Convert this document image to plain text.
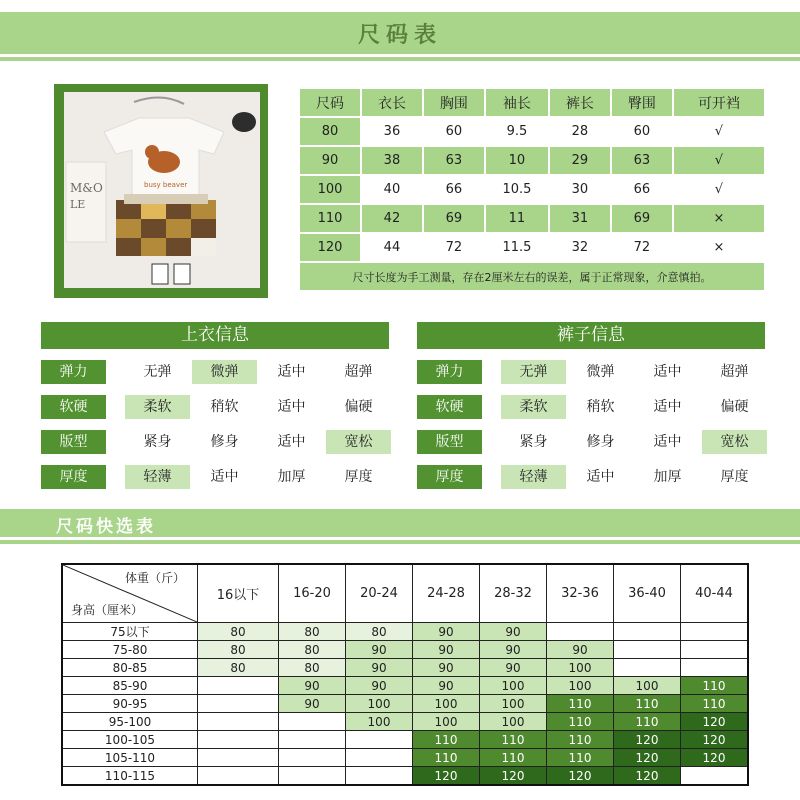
尺码表
M&O
LE
busy beaver
尺码	衣长	胸围	袖长	裤长	臀围	可开裆
80	36	60	9.5	28	60	√
90	38	63	10	29	63	√
100	40	66	10.5	30	66	√
110	42	69	11	31	69	×
120	44	72	11.5	32	72	×
尺寸长度为手工测量，存在2厘米左右的误差，属于正常现象，介意慎拍。						
上衣信息	裤子信息
弹力	无弹	微弹	适中	超弹
软硬	柔软	稍软	适中	偏硬
版型	紧身	修身	适中	宽松
厚度	轻薄	适中	加厚	厚度
弹力	无弹	微弹	适中	超弹
软硬	柔软	稍软	适中	偏硬
版型	紧身	修身	适中	宽松
厚度	轻薄	适中	加厚	厚度
尺码快选表
体重（斤）
身高（厘米）	16以下	16-20	20-24	24-28	28-32	32-36	36-40	40-44
75以下	80	80	80	90	90			
75-80	80	80	90	90	90	90		
80-85	80	80	90	90	90	100		
85-90		90	90	90	100	100	100	110
90-95		90	100	100	100	110	110	110
95-100			100	100	100	110	110	120
100-105				110	110	110	120	120
105-110				110	110	110	120	120
110-115				120	120	120	120	
